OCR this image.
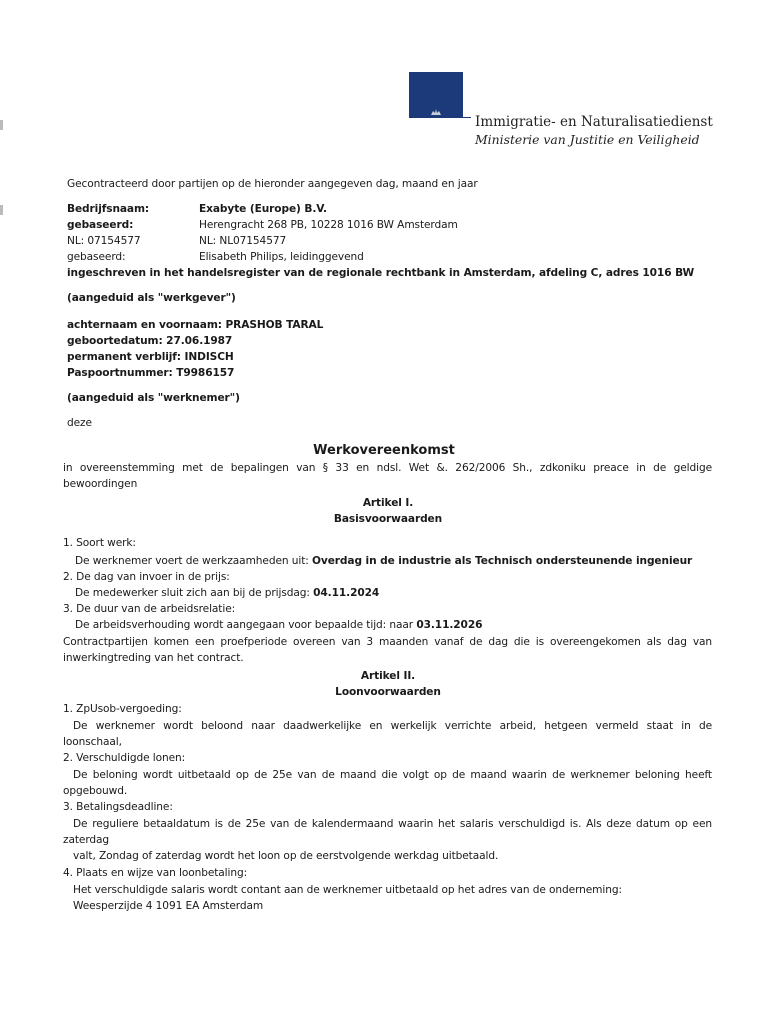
Immigratie- en Naturalisatiedienst
Ministerie van Justitie en Veiligheid
Gecontracteerd door partijen op de hieronder aangegeven dag, maand en jaar
Bedrijfsnaam:	Exabyte (Europe) B.V.
gebaseerd:	Herengracht 268 PB, 10228 1016 BW Amsterdam
NL: 07154577	NL: NL07154577
gebaseerd:	Elisabeth Philips, leidinggevend
ingeschreven in het handelsregister van de regionale rechtbank in Amsterdam, afdeling C, adres 1016 BW
(aangeduid als "werkgever")
achternaam en voornaam: PRASHOB TARAL
geboortedatum: 27.06.1987
permanent verblijf: INDISCH
Paspoortnummer: T9986157
(aangeduid als "werknemer")
deze
Werkovereenkomst
in overeenstemming met de bepalingen van § 33 en ndsl. Wet &. 262/2006 Sh., zdkoniku preace in de geldige
bewoordingen
Artikel I.
Basisvoorwaarden
1. Soort werk:
De werknemer voert de werkzaamheden uit: Overdag in de industrie als Technisch ondersteunende ingenieur
2. De dag van invoer in de prijs:
De medewerker sluit zich aan bij de prijsdag: 04.11.2024
3. De duur van de arbeidsrelatie:
De arbeidsverhouding wordt aangegaan voor bepaalde tijd: naar 03.11.2026
Contractpartijen komen een proefperiode overeen van 3 maanden vanaf de dag die is overeengekomen als dag van
inwerkingtreding van het contract.
Artikel II.
Loonvoorwaarden
1. ZpUsob-vergoeding:
De werknemer wordt beloond naar daadwerkelijke en werkelijk verrichte arbeid, hetgeen vermeld staat in de
loonschaal,
2. Verschuldigde lonen:
De beloning wordt uitbetaald op de 25e van de maand die volgt op de maand waarin de werknemer beloning heeft
opgebouwd.
3. Betalingsdeadline:
De reguliere betaaldatum is de 25e van de kalendermaand waarin het salaris verschuldigd is. Als deze datum op een
zaterdag
valt, Zondag of zaterdag wordt het loon op de eerstvolgende werkdag uitbetaald.
4. Plaats en wijze van loonbetaling:
Het verschuldigde salaris wordt contant aan de werknemer uitbetaald op het adres van de onderneming:
Weesperzijde 4 1091 EA Amsterdam
